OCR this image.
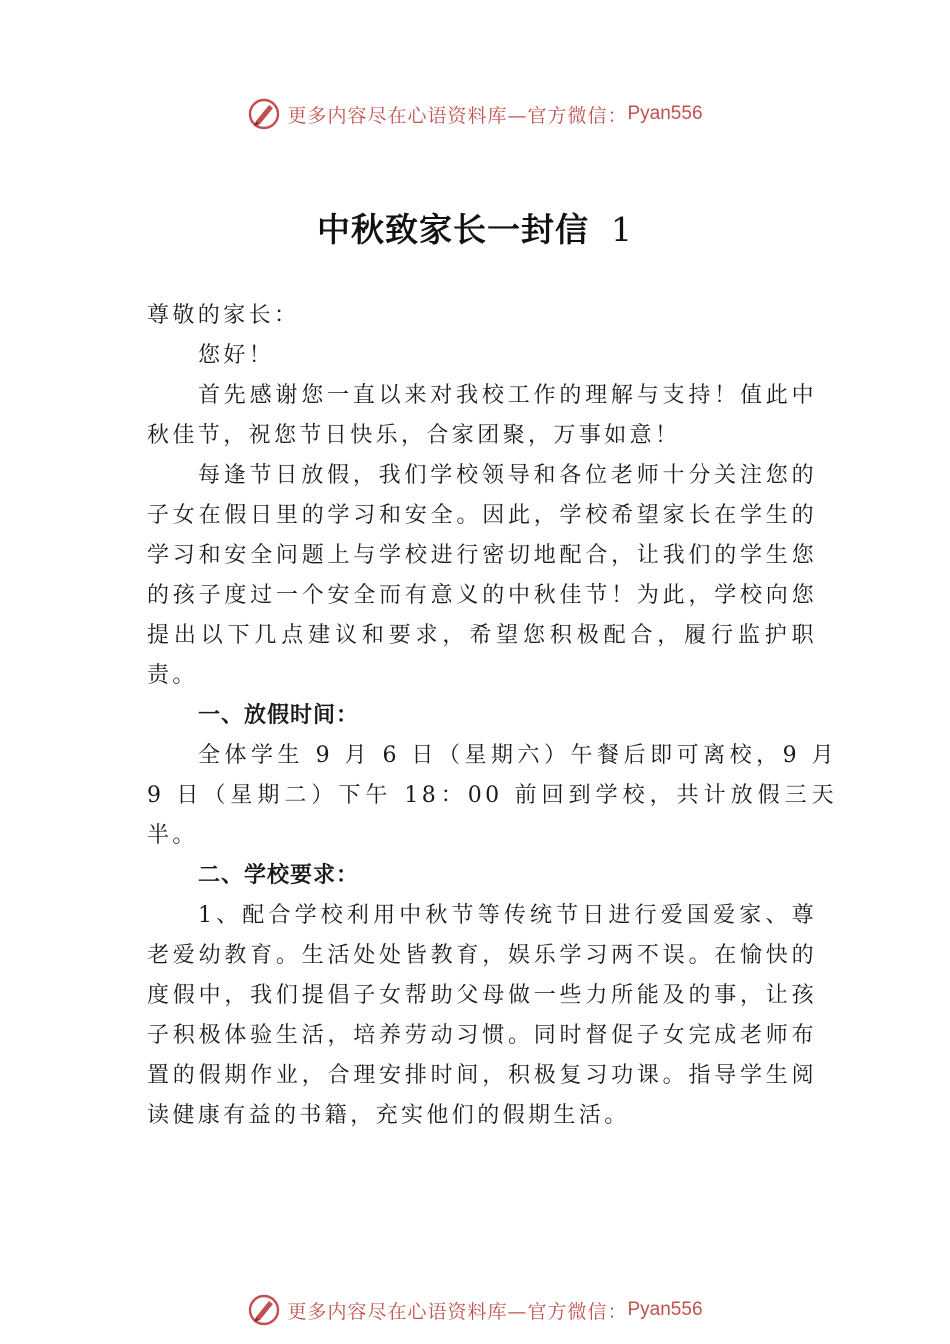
更多内容尽在心语资料库—官方微信： Pyan556
中秋致家长一封信 1

尊敬的家长：

您好！

首先感谢您一直以来对我校工作的理解与支持！值此中秋佳节，祝您节日快乐，合家团聚，万事如意！

每逢节日放假，我们学校领导和各位老师十分关注您的子女在假日里的学习和安全。因此，学校希望家长在学生的学习和安全问题上与学校进行密切地配合，让我们的学生您的孩子度过一个安全而有意义的中秋佳节！为此，学校向您提出以下几点建议和要求，希望您积极配合，履行监护职责。

一、放假时间：

全体学生 9 月 6 日（星期六）午餐后即可离校，9 月 9 日（星期二）下午 18：00 前回到学校，共计放假三天半。

二、学校要求：

1、配合学校利用中秋节等传统节日进行爱国爱家、尊老爱幼教育。生活处处皆教育，娱乐学习两不误。在愉快的度假中，我们提倡子女帮助父母做一些力所能及的事，让孩子积极体验生活，培养劳动习惯。同时督促子女完成老师布置的假期作业，合理安排时间，积极复习功课。指导学生阅读健康有益的书籍，充实他们的假期生活。

更多内容尽在心语资料库—官方微信： Pyan556
